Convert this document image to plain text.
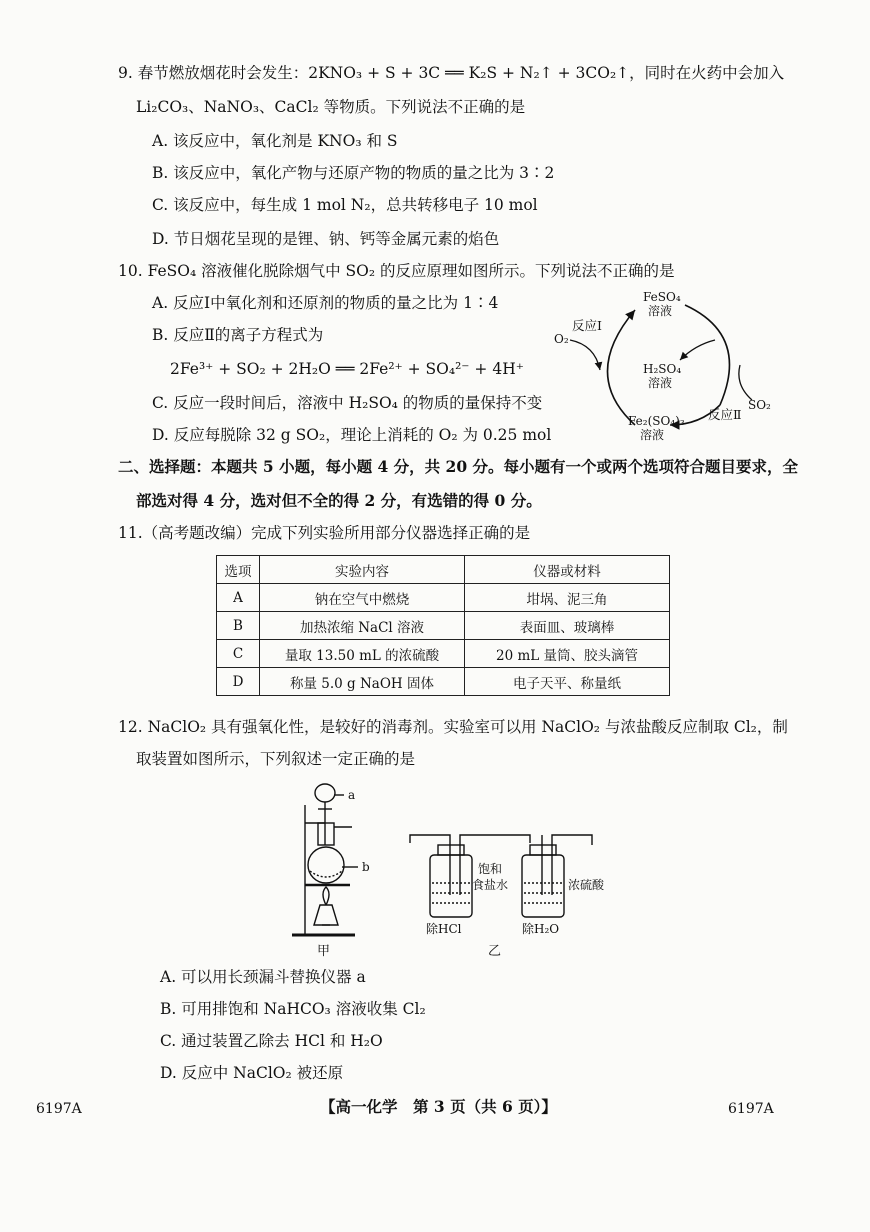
9. 春节燃放烟花时会发生：2KNO₃ + S + 3C ══ K₂S + N₂↑ + 3CO₂↑，同时在火药中会加入
Li₂CO₃、NaNO₃、CaCl₂ 等物质。下列说法不正确的是
A. 该反应中，氧化剂是 KNO₃ 和 S
B. 该反应中，氧化产物与还原产物的物质的量之比为 3∶2
C. 该反应中，每生成 1 mol N₂，总共转移电子 10 mol
D. 节日烟花呈现的是锂、钠、钙等金属元素的焰色
10. FeSO₄ 溶液催化脱除烟气中 SO₂ 的反应原理如图所示。下列说法不正确的是
A. 反应Ⅰ中氧化剂和还原剂的物质的量之比为 1∶4
B. 反应Ⅱ的离子方程式为
2Fe³⁺ + SO₂ + 2H₂O ══ 2Fe²⁺ + SO₄²⁻ + 4H⁺
C. 反应一段时间后，溶液中 H₂SO₄ 的物质的量保持不变
D. 反应每脱除 32 g SO₂，理论上消耗的 O₂ 为 0.25 mol
FeSO₄
溶液
H₂SO₄
溶液
Fe₂(SO₄)₃
溶液
反应Ⅰ
反应Ⅱ
O₂
SO₂
二、选择题：本题共 5 小题，每小题 4 分，共 20 分。每小题有一个或两个选项符合题目要求，全
部选对得 4 分，选对但不全的得 2 分，有选错的得 0 分。
11.（高考题改编）完成下列实验所用部分仪器选择正确的是
选项	实验内容	仪器或材料
A	钠在空气中燃烧	坩埚、泥三角
B	加热浓缩 NaCl 溶液	表面皿、玻璃棒
C	量取 13.50 mL 的浓硫酸	20 mL 量筒、胶头滴管
D	称量 5.0 g NaOH 固体	电子天平、称量纸
12. NaClO₂ 具有强氧化性，是较好的消毒剂。实验室可以用 NaClO₂ 与浓盐酸反应制取 Cl₂，制
取装置如图所示，下列叙述一定正确的是
a
b
甲
饱和
食盐水
除HCl
浓硫酸
除H₂O
乙
A. 可以用长颈漏斗替换仪器 a
B. 可用排饱和 NaHCO₃ 溶液收集 Cl₂
C. 通过装置乙除去 HCl 和 H₂O
D. 反应中 NaClO₂ 被还原
6197A	【高一化学　第 3 页（共 6 页）】	6197A
